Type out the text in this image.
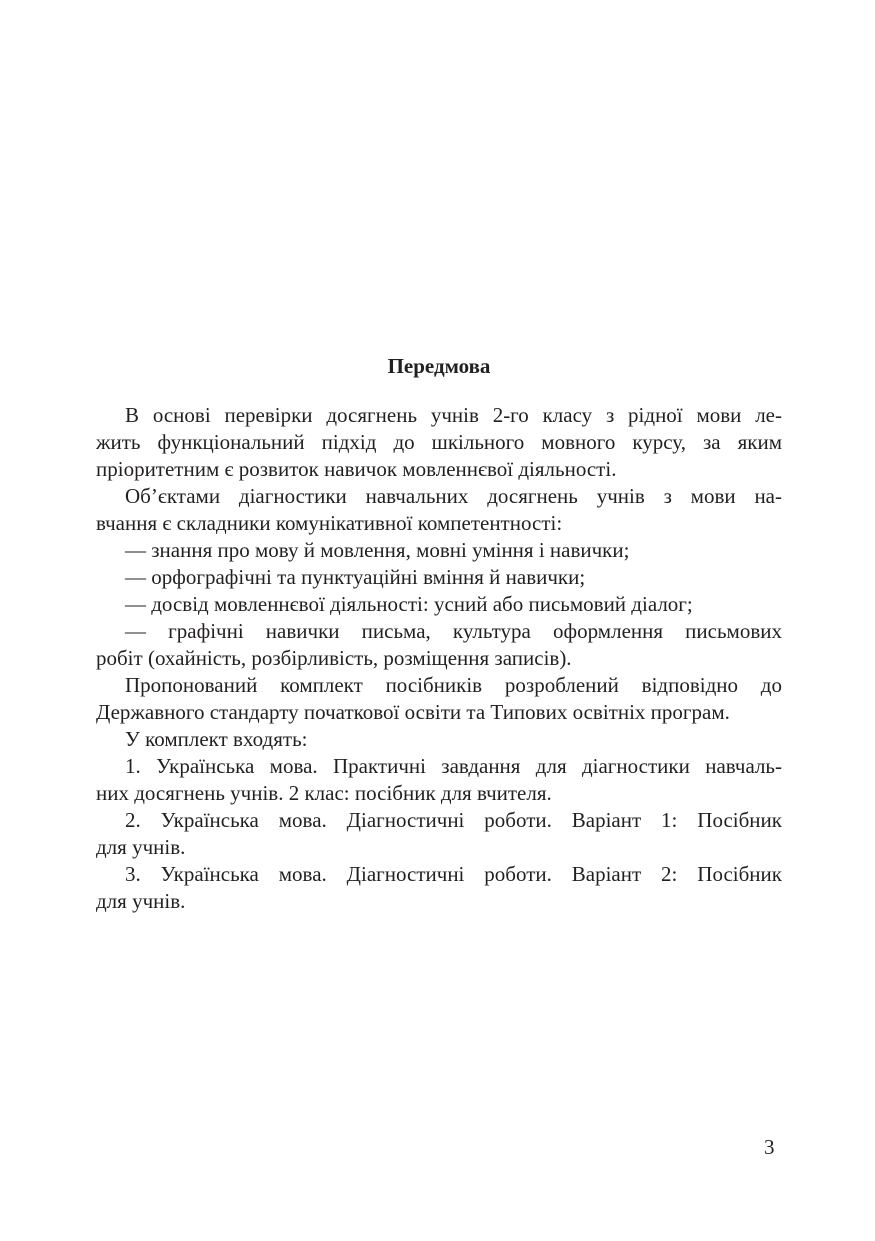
Передмова
В основі перевірки досягнень учнів 2-го класу з рідної мови ле-
жить функціональний підхід до шкільного мовного курсу, за яким
пріоритетним є розвиток навичок мовленнєвої діяльності.
Об’єктами діагностики навчальних досягнень учнів з мови на-
вчання є складники комунікативної компетентності:
— знання про мову й мовлення, мовні уміння і навички;
— орфографічні та пунктуаційні вміння й навички;
— досвід мовленнєвої діяльності: усний або письмовий діалог;
— графічні навички письма, культура оформлення письмових
робіт (охайність, розбірливість, розміщення записів).
Пропонований комплект посібників розроблений відповідно до
Державного стандарту початкової освіти та Типових освітніх програм.
У комплект входять:
1. Українська мова. Практичні завдання для діагностики навчаль-
них досягнень учнів. 2 клас: посібник для вчителя.
2. Українська мова. Діагностичні роботи. Варіант 1: Посібник
для учнів.
3. Українська мова. Діагностичні роботи. Варіант 2: Посібник
для учнів.
3
